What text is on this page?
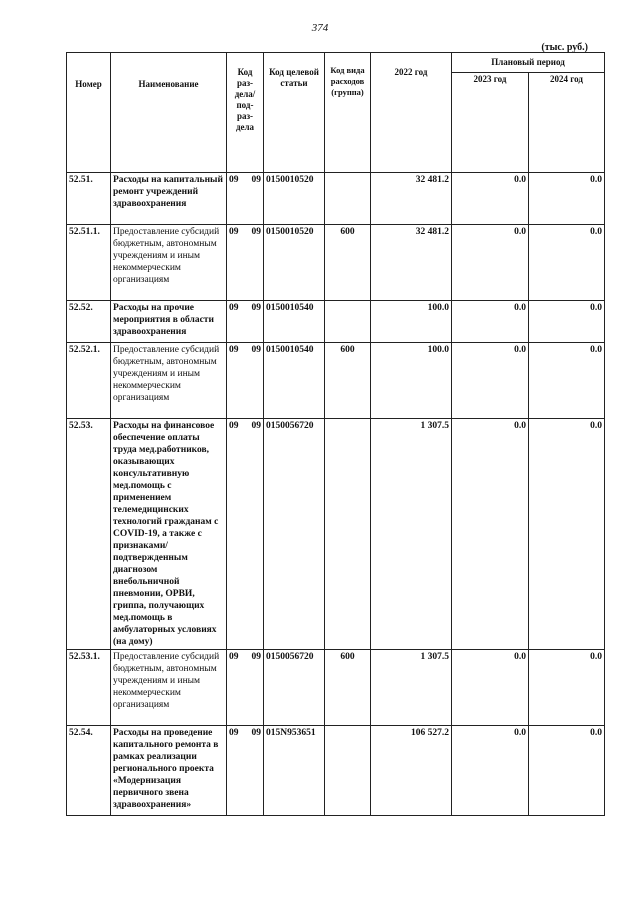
374
(тыс. руб.)
Номер	Наименование	Код раз- дела/ под- раз- дела	Код целевой статьи	Код вида расходов (группа)	2022 год	Плановый период	
						2023 год	2024 год
52.51.	Расходы на капитальный ремонт учреждений здравоохранения	09 09	0150010520		32 481.2	0.0	0.0
52.51.1.	Предоставление субсидий бюджетным, автономным учреждениям и иным некоммерческим организациям	09 09	0150010520	600	32 481.2	0.0	0.0
52.52.	Расходы на прочие мероприятия в области здравоохранения	09 09	0150010540		100.0	0.0	0.0
52.52.1.	Предоставление субсидий бюджетным, автономным учреждениям и иным некоммерческим организациям	09 09	0150010540	600	100.0	0.0	0.0
52.53.	Расходы на финансовое обеспечение оплаты труда мед.работников, оказывающих консультативную мед.помощь с применением телемедицинских технологий гражданам с COVID-19, а также с признаками/подтвержденным диагнозом внебольничной пневмонии, ОРВИ, гриппа, получающих мед.помощь в амбулаторных условиях (на дому)	09 09	0150056720		1 307.5	0.0	0.0
52.53.1.	Предоставление субсидий бюджетным, автономным учреждениям и иным некоммерческим организациям	09 09	0150056720	600	1 307.5	0.0	0.0
52.54.	Расходы на проведение капитального ремонта в рамках реализации регионального проекта «Модернизация первичного звена здравоохранения»	09 09	015N953651		106 527.2	0.0	0.0
